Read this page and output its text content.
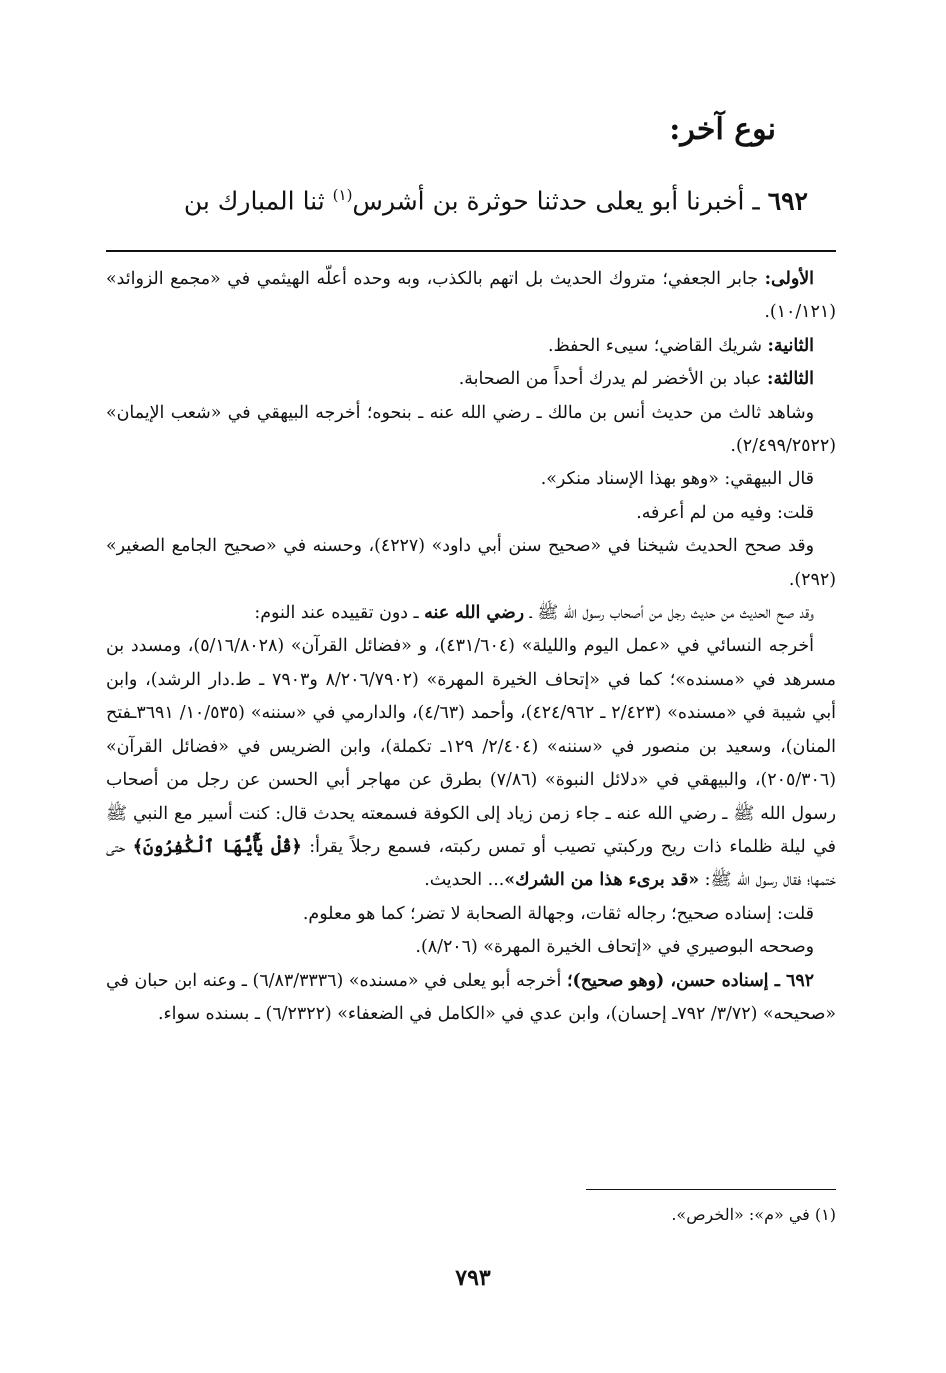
نوع آخر:
٦٩٢ ـ أخبرنا أبو يعلى حدثنا حوثرة بن أشرس$^{(١)}$ ثنا المبارك بن

الأولى: جابر الجعفي؛ متروك الحديث بل اتهم بالكذب، وبه وحده أعلّه الهيثمي في «مجمع الزوائد» (١٠/١٢١).

الثانية: شريك القاضي؛ سيىء الحفظ.

الثالثة: عباد بن الأخضر لم يدرك أحداً من الصحابة.

وشاهد ثالث من حديث أنس بن مالك ـ رضي الله عنه ـ بنحوه؛ أخرجه البيهقي في «شعب الإيمان» (٢/٤٩٩/٢٥٢٢).

قال البيهقي: «وهو بهذا الإسناد منكر».

قلت: وفيه من لم أعرفه.

وقد صحح الحديث شيخنا في «صحيح سنن أبي داود» (٤٢٢٧)، وحسنه في «صحيح الجامع الصغير» (٢٩٢).

وقد صح الحديث من حديث رجل من أصحاب رسول الله ﷺ ـ رضي الله عنه ـ دون تقييده عند النوم:

أخرجه النسائي في «عمل اليوم والليلة» (٤٣١/٦٠٤)، و «فضائل القرآن» (٥/١٦/٨٠٢٨)، ومسدد بن مسرهد في «مسنده»؛ كما في «إتحاف الخيرة المهرة» (٨/٢٠٦/٧٩٠٢ و٧٩٠٣ ـ ط.دار الرشد)، وابن أبي شيبة في «مسنده» (٢/٤٢٣ ـ ٤٢٤/٩٦٢)، وأحمد (٤/٦٣)، والدارمي في «سننه» (١٠/٥٣٥/ ٣٦٩١ـفتح المنان)، وسعيد بن منصور في «سننه» (٢/٤٠٤/ ١٢٩ـ تكملة)، وابن الضريس في «فضائل القرآن» (٢٠٥/٣٠٦)، والبيهقي في «دلائل النبوة» (٧/٨٦) بطرق عن مهاجر أبي الحسن عن رجل من أصحاب رسول الله ﷺ ـ رضي الله عنه ـ جاء زمن زياد إلى الكوفة فسمعته يحدث قال: كنت أسير مع النبي ﷺ في ليلة ظلماء ذات ريح وركبتي تصيب أو تمس ركبته، فسمع رجلاً يقرأ: ﴿قُلْ يَٰٓأَيُّهَا ٱلْكَٰفِرُونَ﴾ حتى ختمها؛ فقال رسول الله ﷺ: «قد برىء هذا من الشرك»... الحديث.

قلت: إسناده صحيح؛ رجاله ثقات، وجهالة الصحابة لا تضر؛ كما هو معلوم.

وصححه البوصيري في «إتحاف الخيرة المهرة» (٨/٢٠٦).

٦٩٢ ـ إسناده حسن، (وهو صحيح)؛ أخرجه أبو يعلى في «مسنده» (٦/٨٣/٣٣٣٦) ـ وعنه ابن حبان في «صحيحه» (٣/٧٢/ ٧٩٢ـ إحسان)، وابن عدي في «الكامل في الضعفاء» (٦/٢٣٢٢) ـ بسنده سواء.

(١) في «م»: «الخرص».
٧٩٣
